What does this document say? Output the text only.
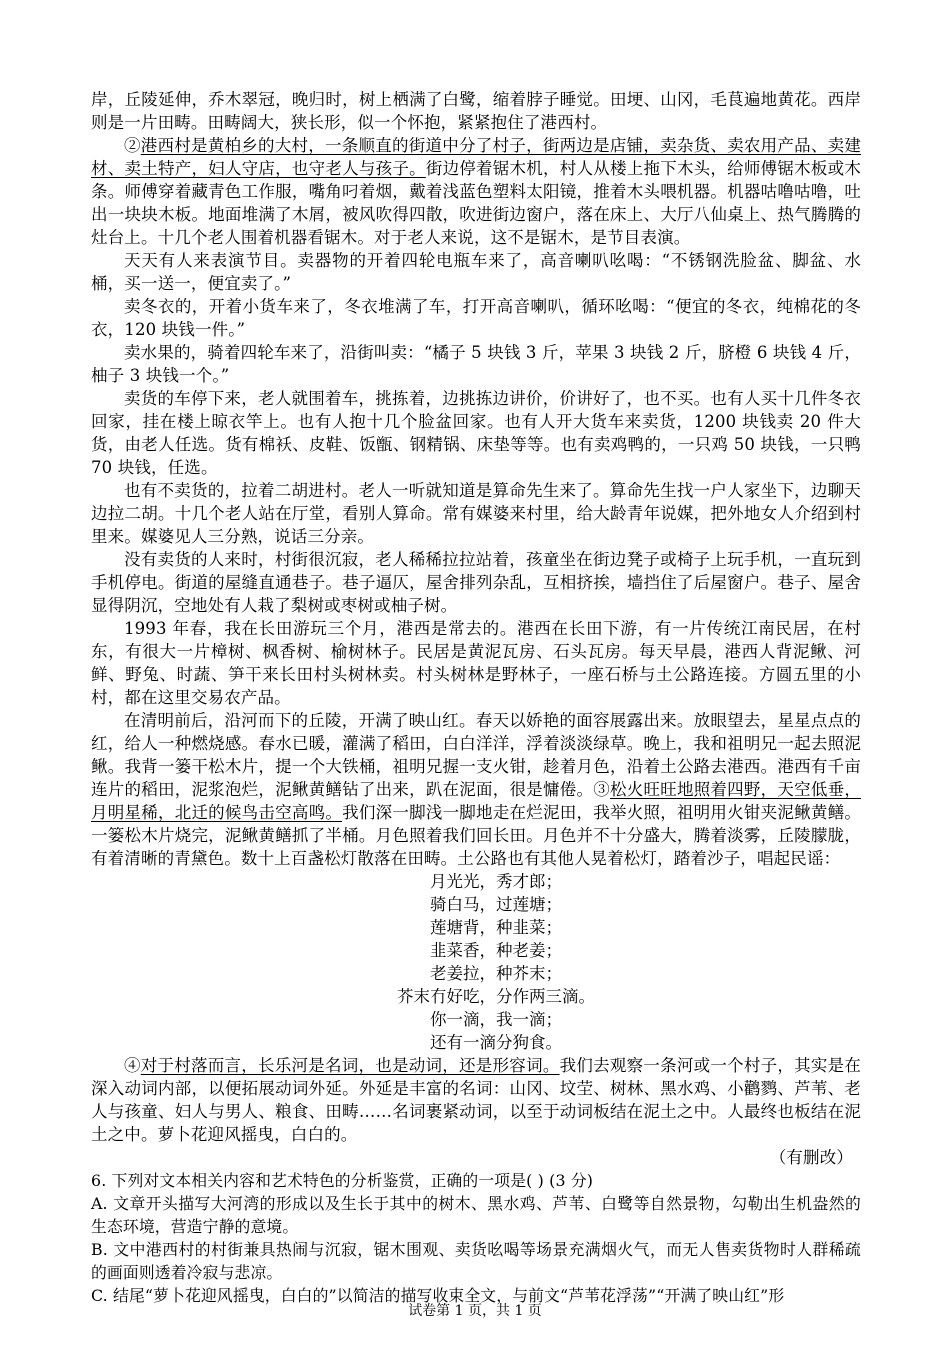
岸，丘陵延伸，乔木翠冠，晚归时，树上栖满了白鹭，缩着脖子睡觉。田埂、山冈，毛茛遍地黄花。西岸则是一片田畴。田畴阔大，狭长形，似一个怀抱，紧紧抱住了港西村。

②港西村是黄柏乡的大村，一条顺直的街道中分了村子，街两边是店铺，卖杂货、卖农用产品、卖建材、卖土特产，妇人守店，也守老人与孩子。街边停着锯木机，村人从楼上拖下木头，给师傅锯木板或木条。师傅穿着藏青色工作服，嘴角叼着烟，戴着浅蓝色塑料太阳镜，推着木头喂机器。机器咕噜咕噜，吐出一块块木板。地面堆满了木屑，被风吹得四散，吹进街边窗户，落在床上、大厅八仙桌上、热气腾腾的灶台上。十几个老人围着机器看锯木。对于老人来说，这不是锯木，是节目表演。

天天有人来表演节目。卖器物的开着四轮电瓶车来了，高音喇叭吆喝：“不锈钢洗脸盆、脚盆、水桶，买一送一，便宜卖了。”

卖冬衣的，开着小货车来了，冬衣堆满了车，打开高音喇叭，循环吆喝：“便宜的冬衣，纯棉花的冬衣，120 块钱一件。”

卖水果的，骑着四轮车来了，沿街叫卖：“橘子 5 块钱 3 斤，苹果 3 块钱 2 斤，脐橙 6 块钱 4 斤，柚子 3 块钱一个。”

卖货的车停下来，老人就围着车，挑拣着，边挑拣边讲价，价讲好了，也不买。也有人买十几件冬衣回家，挂在楼上晾衣竿上。也有人抱十几个脸盆回家。也有人开大货车来卖货，1200 块钱卖 20 件大货，由老人任选。货有棉袄、皮鞋、饭甑、钢精锅、床垫等等。也有卖鸡鸭的，一只鸡 50 块钱，一只鸭 70 块钱，任选。

也有不卖货的，拉着二胡进村。老人一听就知道是算命先生来了。算命先生找一户人家坐下，边聊天边拉二胡。十几个老人站在厅堂，看别人算命。常有媒婆来村里，给大龄青年说媒，把外地女人介绍到村里来。媒婆见人三分熟，说话三分亲。

没有卖货的人来时，村街很沉寂，老人稀稀拉拉站着，孩童坐在街边凳子或椅子上玩手机，一直玩到手机停电。街道的屋缝直通巷子。巷子逼仄，屋舍排列杂乱，互相挤挨，墙挡住了后屋窗户。巷子、屋舍显得阴沉，空地处有人栽了梨树或枣树或柚子树。

1993 年春，我在长田游玩三个月，港西是常去的。港西在长田下游，有一片传统江南民居，在村东，有很大一片樟树、枫香树、榆树林子。民居是黄泥瓦房、石头瓦房。每天早晨，港西人背泥鳅、河鲜、野兔、时蔬、笋干来长田村头树林卖。村头树林是野林子，一座石桥与土公路连接。方圆五里的小村，都在这里交易农产品。

在清明前后，沿河而下的丘陵，开满了映山红。春天以娇艳的面容展露出来。放眼望去，星星点点的红，给人一种燃烧感。春水已暖，灌满了稻田，白白洋洋，浮着淡淡绿草。晚上，我和祖明兄一起去照泥鳅。我背一篓干松木片，提一个大铁桶，祖明兄握一支火钳，趁着月色，沿着土公路去港西。港西有千亩连片的稻田，泥浆泡烂，泥鳅黄鳝钻了出来，趴在泥面，很是慵倦。③松火旺旺地照着四野，天空低垂，月明星稀，北迁的候鸟击空高鸣。我们深一脚浅一脚地走在烂泥田，我举火照，祖明用火钳夹泥鳅黄鳝。一篓松木片烧完，泥鳅黄鳝抓了半桶。月色照着我们回长田。月色并不十分盛大，腾着淡雾，丘陵朦胧，有着清晰的青黛色。数十上百盏松灯散落在田畴。土公路也有其他人晃着松灯，踏着沙子，唱起民谣：

月光光，秀才郎；
骑白马，过莲塘；
莲塘背，种韭菜；
韭菜香，种老姜；
老姜拉，种芥末；
芥末冇好吃，分作两三滴。
你一滴，我一滴；
还有一滴分狗食。

④对于村落而言，长乐河是名词，也是动词，还是形容词。我们去观察一条河或一个村子，其实是在深入动词内部，以便拓展动词外延。外延是丰富的名词：山冈、坟茔、树林、黑水鸡、小鹳鹨、芦苇、老人与孩童、妇人与男人、粮食、田畴……名词裹紧动词，以至于动词板结在泥土之中。人最终也板结在泥土之中。萝卜花迎风摇曳，白白的。

（有删改）

6. 下列对文本相关内容和艺术特色的分析鉴赏，正确的一项是( ) (3 分)

A. 文章开头描写大河湾的形成以及生长于其中的树木、黑水鸡、芦苇、白鹭等自然景物，勾勒出生机盎然的生态环境，营造宁静的意境。

B. 文中港西村的村街兼具热闹与沉寂，锯木围观、卖货吆喝等场景充满烟火气，而无人售卖货物时人群稀疏的画面则透着冷寂与悲凉。

C. 结尾“萝卜花迎风摇曳，白白的”以简洁的描写收束全文，与前文“芦苇花浮荡”“开满了映山红”形

试卷第 1 页，共 1 页
